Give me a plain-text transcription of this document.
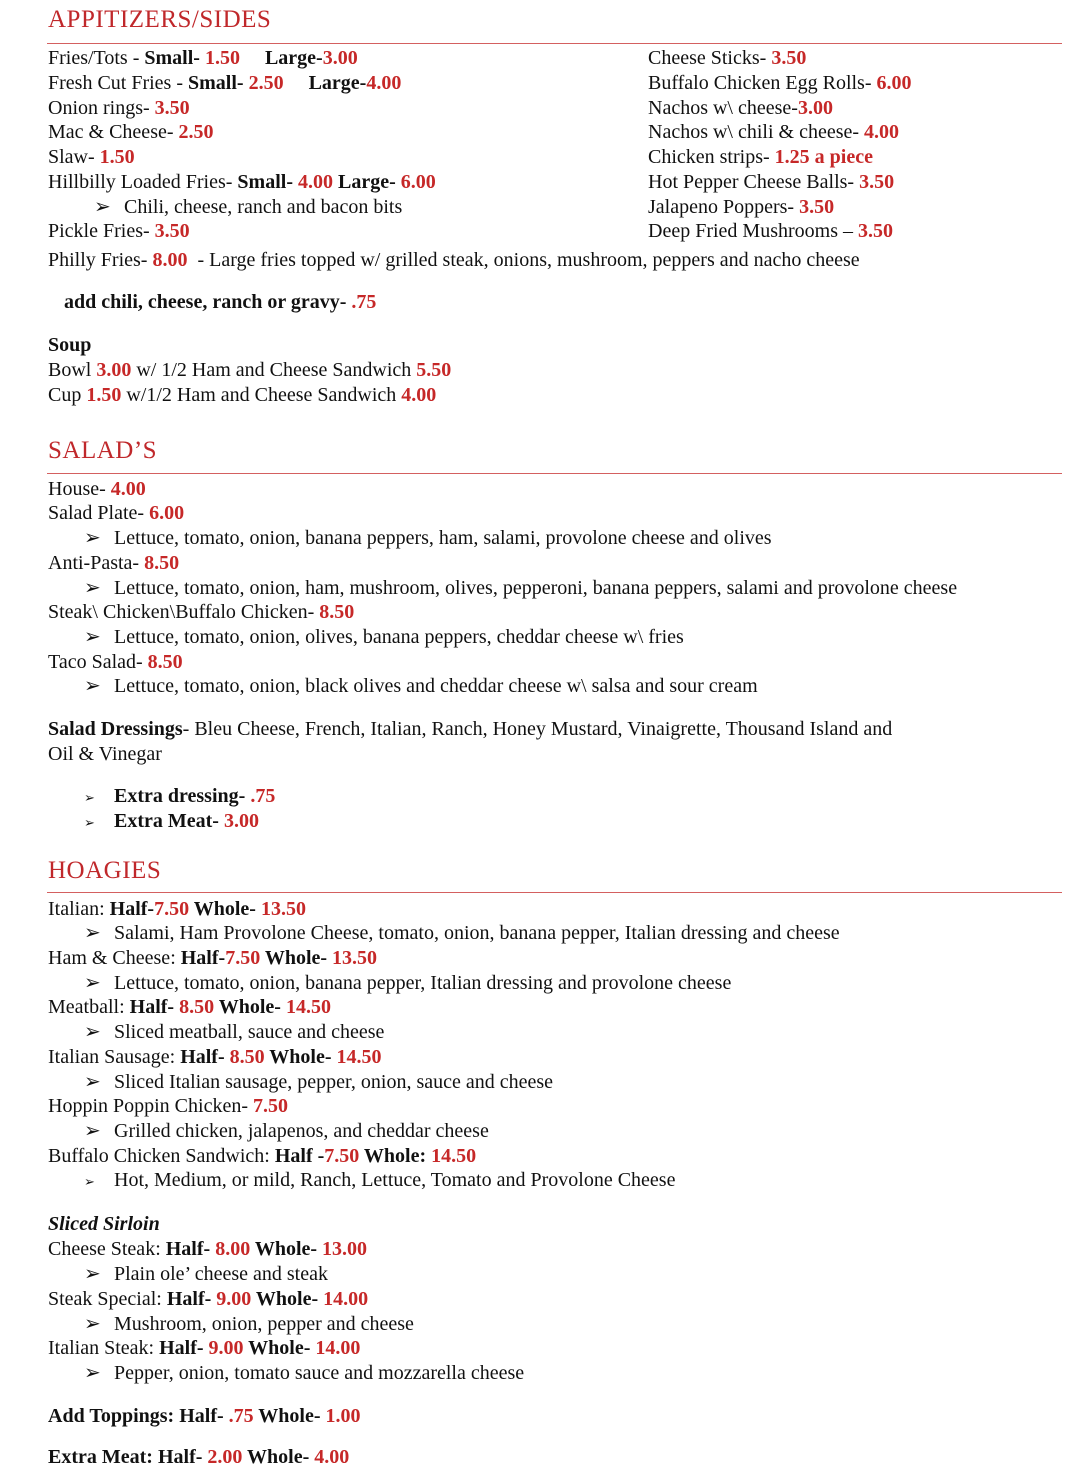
APPITIZERS/SIDES
SALAD’S
HOAGIES
Fries/Tots - Small- 1.50 Large-3.00
Fresh Cut Fries - Small- 2.50 Large-4.00
Onion rings- 3.50
Mac & Cheese- 2.50
Slaw- 1.50
Hillbilly Loaded Fries- Small- 4.00 Large- 6.00
➢ Chili, cheese, ranch and bacon bits
Pickle Fries- 3.50
Philly Fries- 8.00  - Large fries topped w/ grilled steak, onions, mushroom, peppers and nacho cheese
add chili, cheese, ranch or gravy- .75
Cheese Sticks- 3.50
Buffalo Chicken Egg Rolls- 6.00
Nachos w\ cheese-3.00
Nachos w\ chili & cheese- 4.00
Chicken strips- 1.25 a piece
Hot Pepper Cheese Balls- 3.50
Jalapeno Poppers- 3.50
Deep Fried Mushrooms – 3.50
Soup
Bowl 3.00 w/ 1/2 Ham and Cheese Sandwich 5.50
Cup 1.50 w/1/2 Ham and Cheese Sandwich 4.00
House- 4.00
Salad Plate- 6.00
➢ Lettuce, tomato, onion, banana peppers, ham, salami, provolone cheese and olives
Anti-Pasta- 8.50
➢ Lettuce, tomato, onion, ham, mushroom, olives, pepperoni, banana peppers, salami and provolone cheese
Steak\ Chicken\Buffalo Chicken- 8.50
➢ Lettuce, tomato, onion, olives, banana peppers, cheddar cheese w\ fries
Taco Salad- 8.50
➢ Lettuce, tomato, onion, black olives and cheddar cheese w\ salsa and sour cream
Salad Dressings- Bleu Cheese, French, Italian, Ranch, Honey Mustard, Vinaigrette, Thousand Island and
Oil & Vinegar
➢ Extra dressing- .75
➢ Extra Meat- 3.00
Italian: Half-7.50 Whole- 13.50
➢ Salami, Ham Provolone Cheese, tomato, onion, banana pepper, Italian dressing and cheese
Ham & Cheese: Half-7.50 Whole- 13.50
➢ Lettuce, tomato, onion, banana pepper, Italian dressing and provolone cheese
Meatball: Half- 8.50 Whole- 14.50
➢ Sliced meatball, sauce and cheese
Italian Sausage: Half- 8.50 Whole- 14.50
➢ Sliced Italian sausage, pepper, onion, sauce and cheese
Hoppin Poppin Chicken- 7.50
➢ Grilled chicken, jalapenos, and cheddar cheese
Buffalo Chicken Sandwich: Half -7.50 Whole: 14.50
➢ Hot, Medium, or mild, Ranch, Lettuce, Tomato and Provolone Cheese
Sliced Sirloin
Cheese Steak: Half- 8.00 Whole- 13.00
➢ Plain ole’ cheese and steak
Steak Special: Half- 9.00 Whole- 14.00
➢ Mushroom, onion, pepper and cheese
Italian Steak: Half- 9.00 Whole- 14.00
➢ Pepper, onion, tomato sauce and mozzarella cheese
Add Toppings: Half- .75 Whole- 1.00
Extra Meat: Half- 2.00 Whole- 4.00
